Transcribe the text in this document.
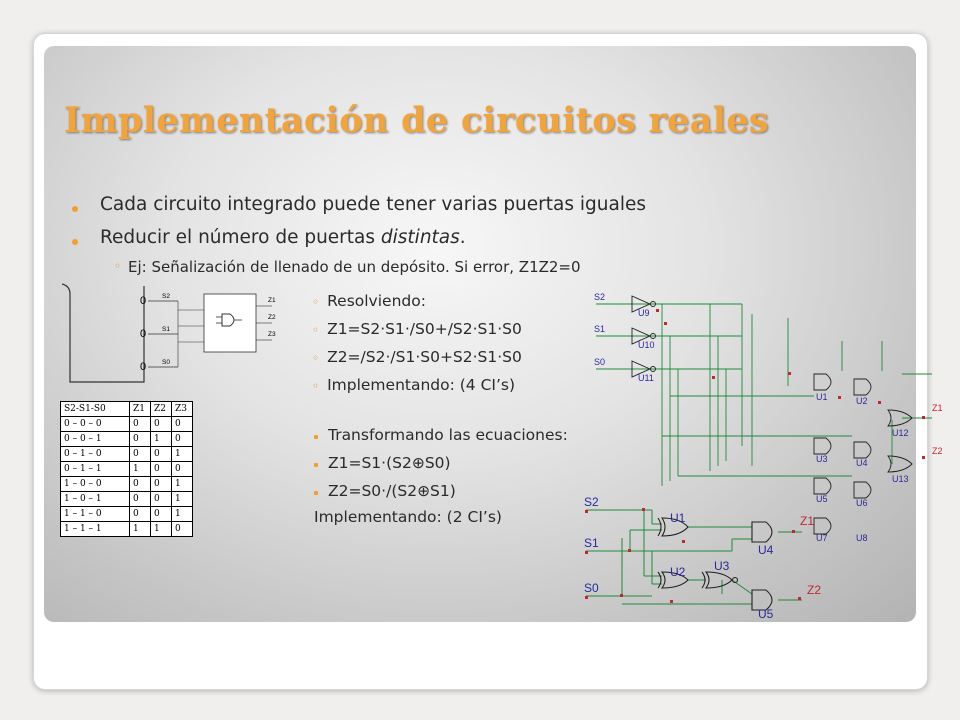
Implementación de circuitos reales
Cada circuito integrado puede tener varias puertas iguales
Reducir el número de puertas distintas.
◦ Ej: Señalización de llenado de un depósito. Si error, Z1Z2=0
0
0
0
S2
S1
S0
Z1
Z2
Z3
S2-S1-S0	Z1	Z2	Z3
0 – 0 – 0	0	0	0
0 – 0 – 1	0	1	0
0 – 1 – 0	0	0	1
0 – 1 – 1	1	0	0
1 – 0 – 0	0	0	1
1 – 0 – 1	0	0	1
1 – 1 – 0	0	0	1
1 – 1 – 1	1	1	0
◦ Resolviendo:
◦ Z1=S2·S1·/S0+/S2·S1·S0
◦ Z2=/S2·/S1·S0+S2·S1·S0
◦ Implementando: (4 CI’s)
Transformando las ecuaciones:
Z1=S1·(S2⊕S0)
Z2=S0·/(S2⊕S1)
Implementando: (2 CI’s)
S2
S1
S0
U9
U10
U11
U1	U2
U12
U3	U4
U5	U6
U13
U7	U8
Z1
Z2
S2
S1
S0
U1
U2 U3
U4
U5
Z1
Z2
